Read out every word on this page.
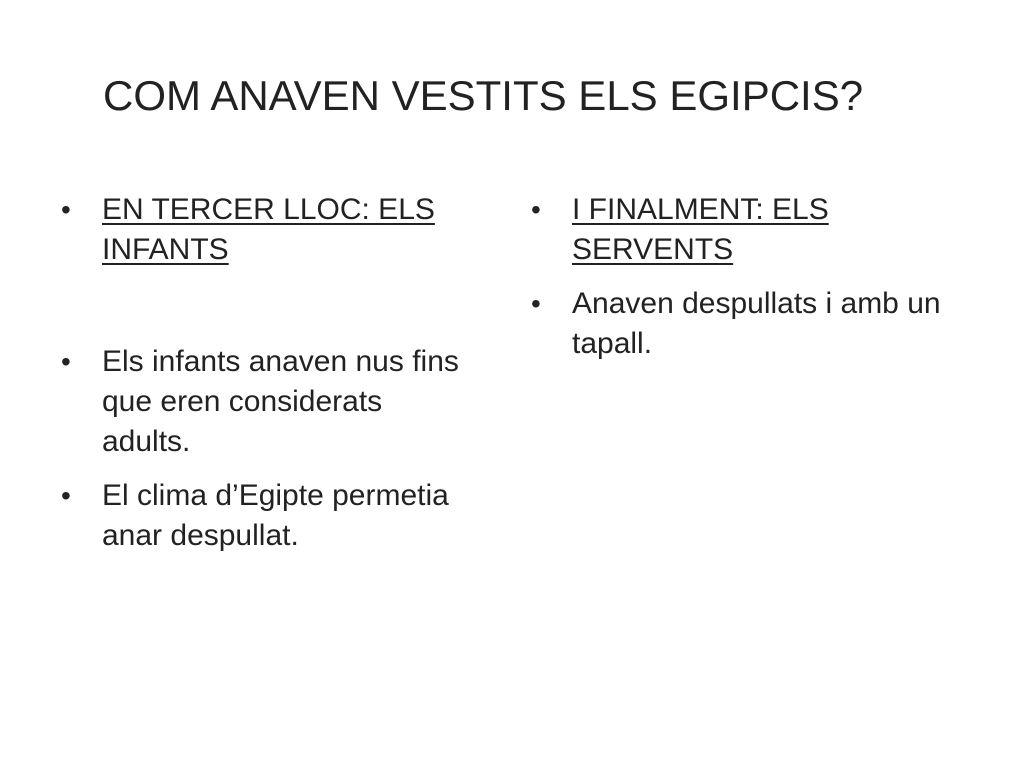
COM ANAVEN VESTITS ELS EGIPCIS?
•	EN TERCER LLOC: ELS INFANTS
•	Els infants anaven nus fins que eren considerats adults.
•	El clima d’Egipte permetia anar despullat.
•	I FINALMENT: ELS SERVENTS
•	Anaven despullats i amb un tapall.
